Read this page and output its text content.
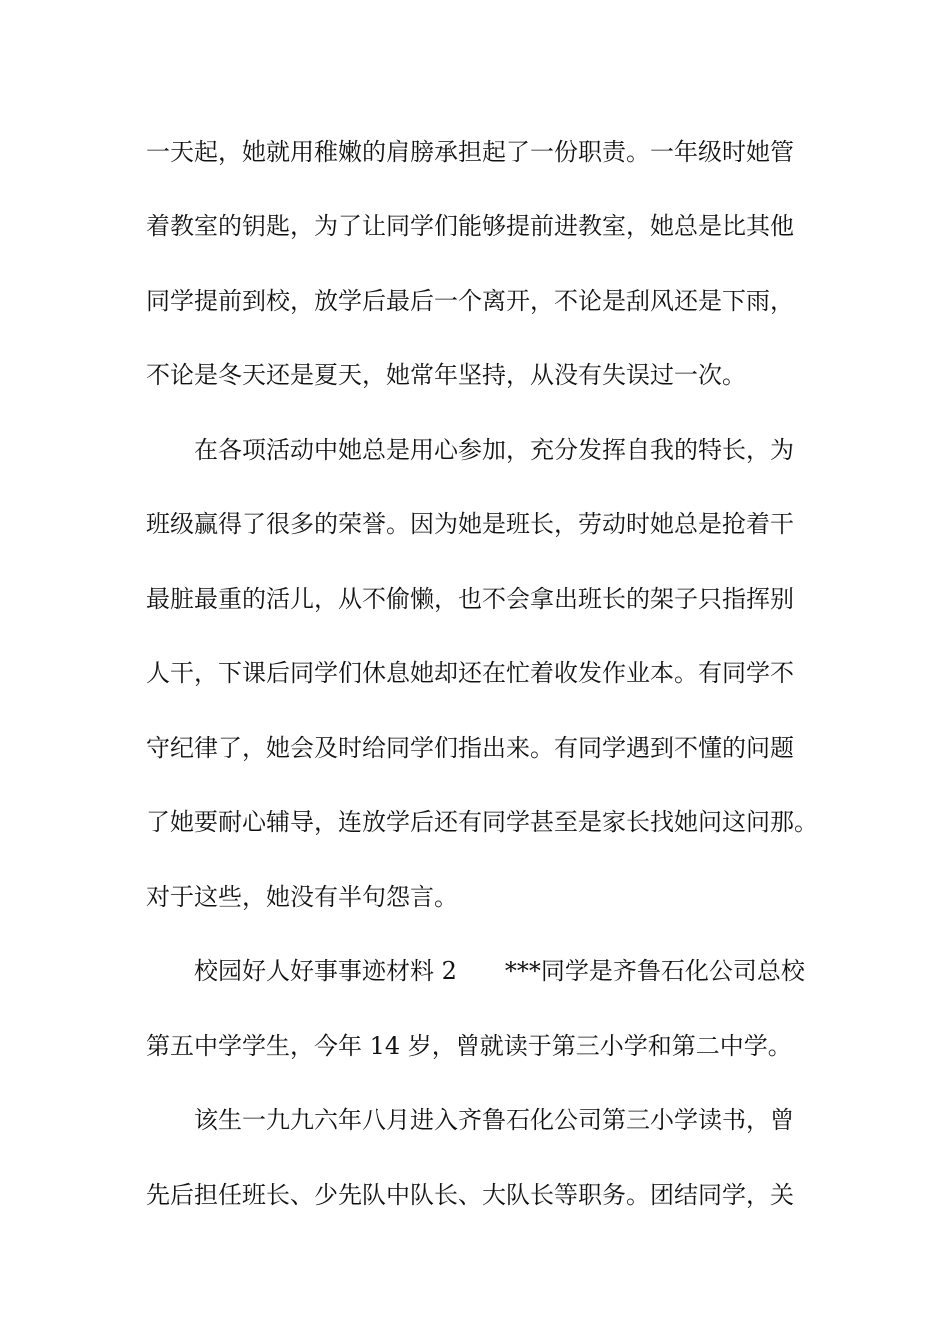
一天起，她就用稚嫩的肩膀承担起了一份职责。一年级时她管
着教室的钥匙，为了让同学们能够提前进教室，她总是比其他
同学提前到校，放学后最后一个离开，不论是刮风还是下雨，
不论是冬天还是夏天，她常年坚持，从没有失误过一次。
在各项活动中她总是用心参加，充分发挥自我的特长，为
班级赢得了很多的荣誉。因为她是班长，劳动时她总是抢着干
最脏最重的活儿，从不偷懒，也不会拿出班长的架子只指挥别
人干，下课后同学们休息她却还在忙着收发作业本。有同学不
守纪律了，她会及时给同学们指出来。有同学遇到不懂的问题
了她要耐心辅导，连放学后还有同学甚至是家长找她问这问那。
对于这些，她没有半句怨言。
校园好人好事事迹材料 2　　***同学是齐鲁石化公司总校
第五中学学生，今年 14 岁，曾就读于第三小学和第二中学。
该生一九九六年八月进入齐鲁石化公司第三小学读书，曾
先后担任班长、少先队中队长、大队长等职务。团结同学，关
